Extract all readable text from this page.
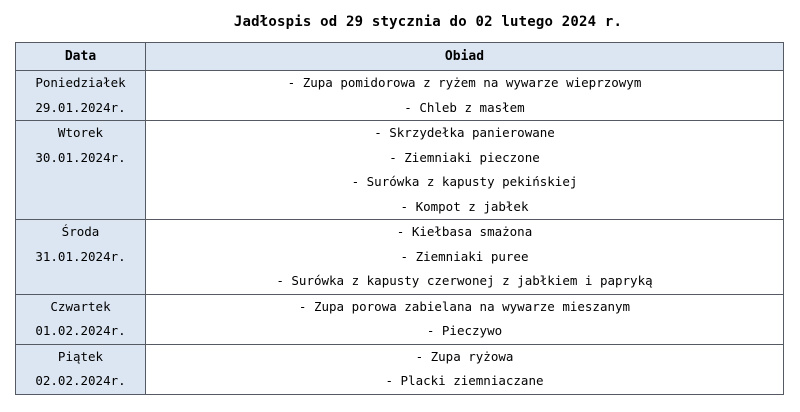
Jadłospis od 29 stycznia do 02 lutego 2024 r.
Data	Obiad

Poniedziałek
29.01.2024r.	- Zupa pomidorowa z ryżem na wywarze wieprzowym
- Chleb z masłem

Wtorek
30.01.2024r.	- Skrzydełka panierowane
- Ziemniaki pieczone
- Surówka z kapusty pekińskiej
- Kompot z jabłek

Środa
31.01.2024r.	- Kiełbasa smażona
- Ziemniaki puree
- Surówka z kapusty czerwonej z jabłkiem i papryką

Czwartek
01.02.2024r.	- Zupa porowa zabielana na wywarze mieszanym
- Pieczywo

Piątek
02.02.2024r.	- Zupa ryżowa
- Placki ziemniaczane
